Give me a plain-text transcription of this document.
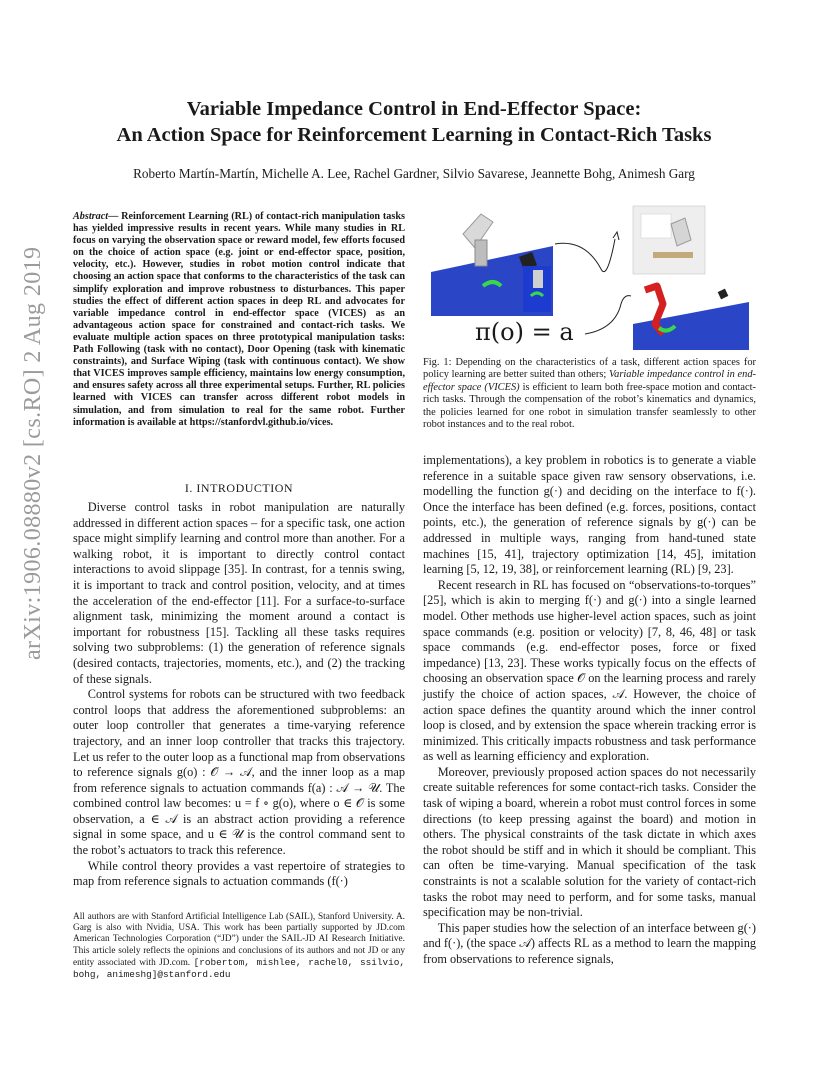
Variable Impedance Control in End-Effector Space:
An Action Space for Reinforcement Learning in Contact-Rich Tasks
Roberto Martín-Martín, Michelle A. Lee, Rachel Gardner, Silvio Savarese, Jeannette Bohg, Animesh Garg
arXiv:1906.08880v2 [cs.RO] 2 Aug 2019
Abstract— Reinforcement Learning (RL) of contact-rich manipulation tasks has yielded impressive results in recent years. While many studies in RL focus on varying the observation space or reward model, few efforts focused on the choice of action space (e.g. joint or end-effector space, position, velocity, etc.). However, studies in robot motion control indicate that choosing an action space that conforms to the characteristics of the task can simplify exploration and improve robustness to disturbances. This paper studies the effect of different action spaces in deep RL and advocates for variable impedance control in end-effector space (VICES) as an advantageous action space for constrained and contact-rich tasks. We evaluate multiple action spaces on three prototypical manipulation tasks: Path Following (task with no contact), Door Opening (task with kinematic constraints), and Surface Wiping (task with continuous contact). We show that VICES improves sample efficiency, maintains low energy consumption, and ensures safety across all three experimental setups. Further, RL policies learned with VICES can transfer across different robot models in simulation, and from simulation to real for the same robot. Further information is available at https://stanfordvl.github.io/vices.
I. INTRODUCTION

Diverse control tasks in robot manipulation are naturally addressed in different action spaces – for a specific task, one action space might simplify learning and control more than another. For a walking robot, it is important to directly control contact interactions to avoid slippage [35]. In contrast, for a tennis swing, it is important to track and control position, velocity, and at times the acceleration of the end-effector [11]. For a surface-to-surface alignment task, minimizing the moment around a contact is important for robustness [15]. Tackling all these tasks requires solving two subproblems: (1) the generation of reference signals (desired contacts, trajectories, moments, etc.), and (2) the tracking of these signals.

Control systems for robots can be structured with two feedback control loops that address the aforementioned subproblems: an outer loop controller that generates a time-varying reference trajectory, and an inner loop controller that tracks this trajectory. Let us refer to the outer loop as a functional map from observations to reference signals g(o) : 𝒪 → 𝒜, and the inner loop as a map from reference signals to actuation commands f(a) : 𝒜 → 𝒰. The combined control law becomes: u = f ∘ g(o), where o ∈ 𝒪 is some observation, a ∈ 𝒜 is an abstract action providing a reference signal in some space, and u ∈ 𝒰 is the control command sent to the robot’s actuators to track this reference.

While control theory provides a vast repertoire of strategies to map from reference signals to actuation commands (f(·)

All authors are with Stanford Artificial Intelligence Lab (SAIL), Stanford University. A. Garg is also with Nvidia, USA. This work has been partially supported by JD.com American Technologies Corporation (“JD”) under the SAIL-JD AI Research Initiative. This article solely reflects the opinions and conclusions of its authors and not JD or any entity associated with JD.com. [robertom, mishlee, rachel0, ssilvio, bohg, animeshg]@stanford.edu
π(o) = a
Fig. 1: Depending on the characteristics of a task, different action spaces for policy learning are better suited than others; Variable impedance control in end-effector space (VICES) is efficient to learn both free-space motion and contact-rich tasks. Through the compensation of the robot’s kinematics and dynamics, the policies learned for one robot in simulation transfer seamlessly to other robot instances and to the real robot.

implementations), a key problem in robotics is to generate a viable reference in a suitable space given raw sensory observations, i.e. modelling the function g(·) and deciding on the interface to f(·). Once the interface has been defined (e.g. forces, positions, contact points, etc.), the generation of reference signals by g(·) can be addressed in multiple ways, ranging from hand-tuned state machines [15, 41], trajectory optimization [14, 45], imitation learning [5, 12, 19, 38], or reinforcement learning (RL) [9, 23].

Recent research in RL has focused on “observations-to-torques” [25], which is akin to merging f(·) and g(·) into a single learned model. Other methods use higher-level action spaces, such as joint space commands (e.g. position or velocity) [7, 8, 46, 48] or task space commands (e.g. end-effector poses, force or fixed impedance) [13, 23]. These works typically focus on the effects of choosing an observation space 𝒪 on the learning process and rarely justify the choice of action spaces, 𝒜. However, the choice of action space defines the quantity around which the inner control loop is closed, and by extension the space wherein tracking error is minimized. This critically impacts robustness and task performance as well as learning efficiency and exploration.

Moreover, previously proposed action spaces do not necessarily create suitable references for some contact-rich tasks. Consider the task of wiping a board, wherein a robot must control forces in some directions (to keep pressing against the board) and motion in others. The physical constraints of the task dictate in which axes the robot should be stiff and in which it should be compliant. This can often be time-varying. Manual specification of the task constraints is not a scalable solution for the variety of contact-rich tasks the robot may need to perform, and for some tasks, manual specification may be non-trivial.

This paper studies how the selection of an interface between g(·) and f(·), (the space 𝒜) affects RL as a method to learn the mapping from observations to reference signals,
